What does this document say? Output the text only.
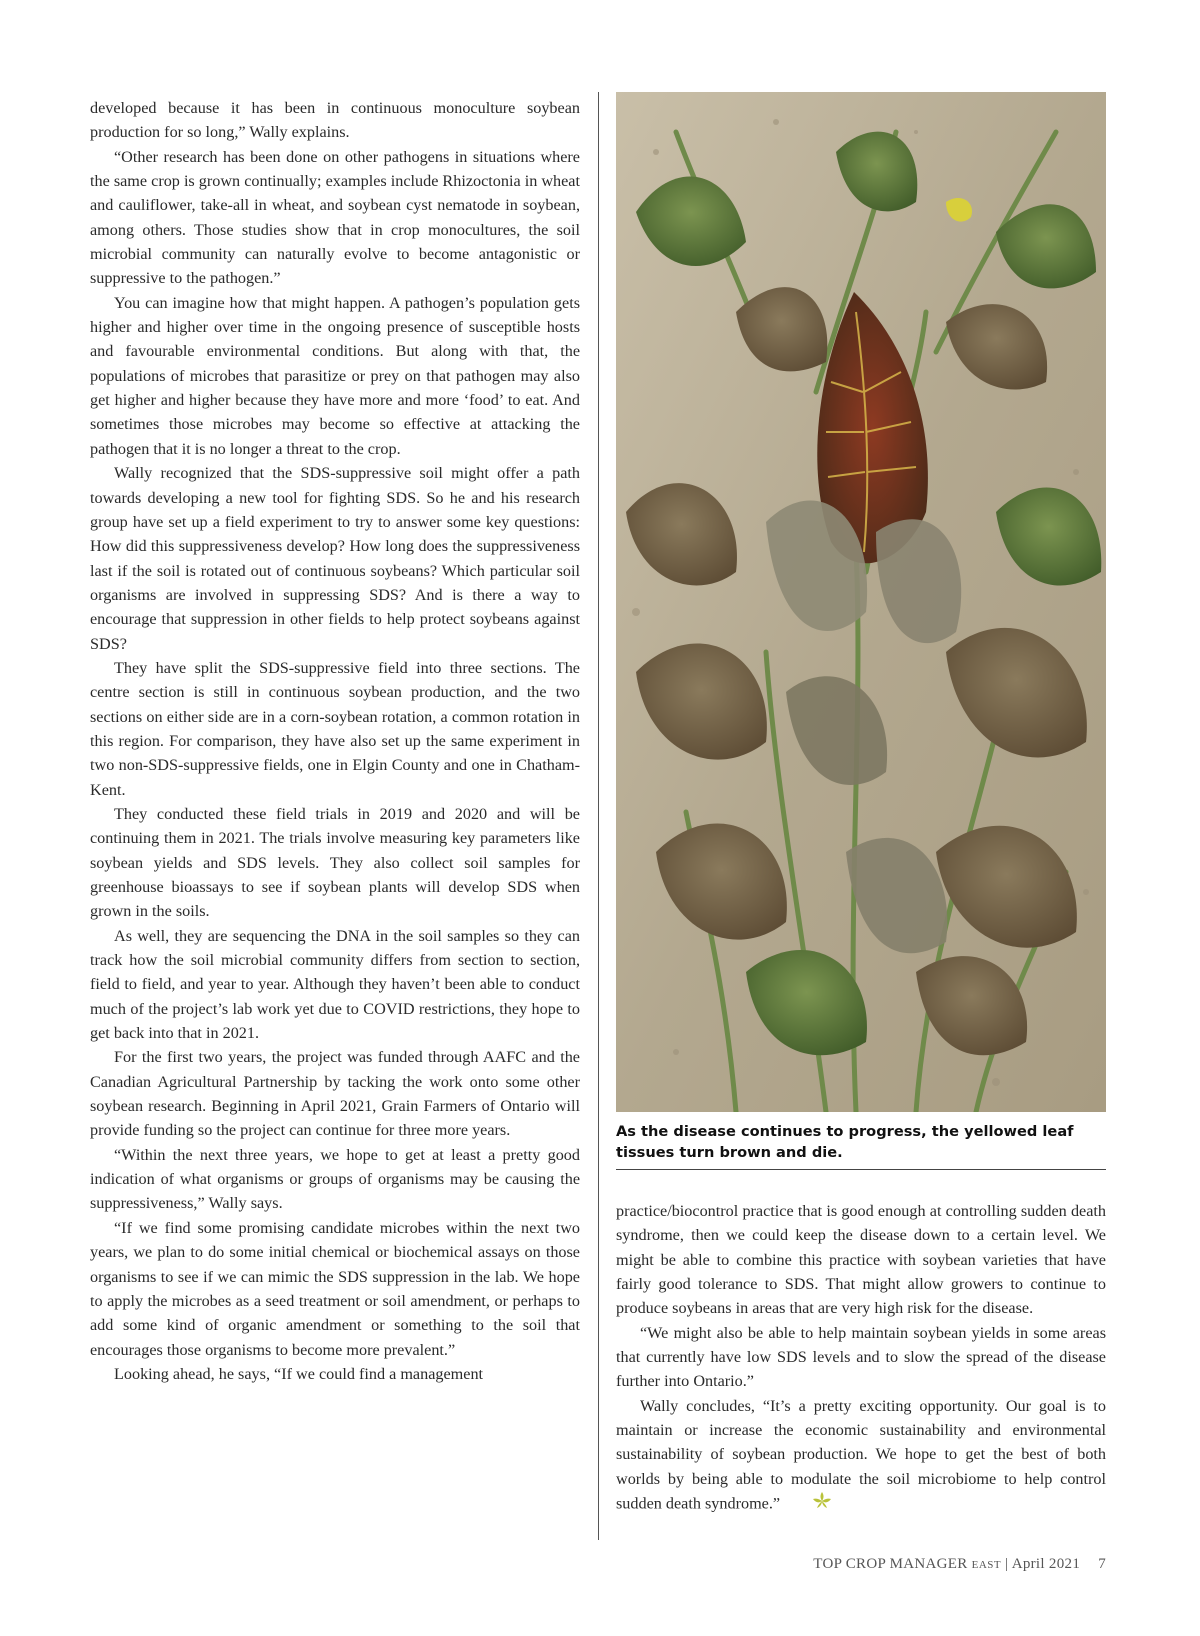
developed because it has been in continuous monoculture soybean production for so long,” Wally explains.

“Other research has been done on other pathogens in situations where the same crop is grown continually; examples include Rhizoctonia in wheat and cauliflower, take-all in wheat, and soybean cyst nematode in soybean, among others. Those studies show that in crop monocultures, the soil microbial community can naturally evolve to become antagonistic or suppressive to the pathogen.”

You can imagine how that might happen. A pathogen’s population gets higher and higher over time in the ongoing presence of susceptible hosts and favourable environmental conditions. But along with that, the populations of microbes that parasitize or prey on that pathogen may also get higher and higher because they have more and more ‘food’ to eat. And sometimes those microbes may become so effective at attacking the pathogen that it is no longer a threat to the crop.

Wally recognized that the SDS-suppressive soil might offer a path towards developing a new tool for fighting SDS. So he and his research group have set up a field experiment to try to answer some key questions: How did this suppressiveness develop? How long does the suppressiveness last if the soil is rotated out of continuous soybeans? Which particular soil organisms are involved in suppressing SDS? And is there a way to encourage that suppression in other fields to help protect soybeans against SDS?

They have split the SDS-suppressive field into three sections. The centre section is still in continuous soybean production, and the two sections on either side are in a corn-soybean rotation, a common rotation in this region. For comparison, they have also set up the same experiment in two non-SDS-suppressive fields, one in Elgin County and one in Chatham-Kent.

They conducted these field trials in 2019 and 2020 and will be continuing them in 2021. The trials involve measuring key parameters like soybean yields and SDS levels. They also collect soil samples for greenhouse bioassays to see if soybean plants will develop SDS when grown in the soils.

As well, they are sequencing the DNA in the soil samples so they can track how the soil microbial community differs from section to section, field to field, and year to year. Although they haven’t been able to conduct much of the project’s lab work yet due to COVID restrictions, they hope to get back into that in 2021.

For the first two years, the project was funded through AAFC and the Canadian Agricultural Partnership by tacking the work onto some other soybean research. Beginning in April 2021, Grain Farmers of Ontario will provide funding so the project can continue for three more years.

“Within the next three years, we hope to get at least a pretty good indication of what organisms or groups of organisms may be causing the suppressiveness,” Wally says.

“If we find some promising candidate microbes within the next two years, we plan to do some initial chemical or biochemical assays on those organisms to see if we can mimic the SDS suppression in the lab. We hope to apply the microbes as a seed treatment or soil amendment, or perhaps to add some kind of organic amendment or something to the soil that encourages those organisms to become more prevalent.”

Looking ahead, he says, “If we could find a management

As the disease continues to progress, the yellowed leaf tissues turn brown and die.

practice/biocontrol practice that is good enough at controlling sudden death syndrome, then we could keep the disease down to a certain level. We might be able to combine this practice with soybean varieties that have fairly good tolerance to SDS. That might allow growers to continue to produce soybeans in areas that are very high risk for the disease.

“We might also be able to help maintain soybean yields in some areas that currently have low SDS levels and to slow the spread of the disease further into Ontario.”

Wally concludes, “It’s a pretty exciting opportunity. Our goal is to maintain or increase the economic sustainability and environmental sustainability of soybean production. We hope to get the best of both worlds by being able to modulate the soil microbiome to help control sudden death syndrome.”

TOP CROP MANAGER EAST | April 2021 7
